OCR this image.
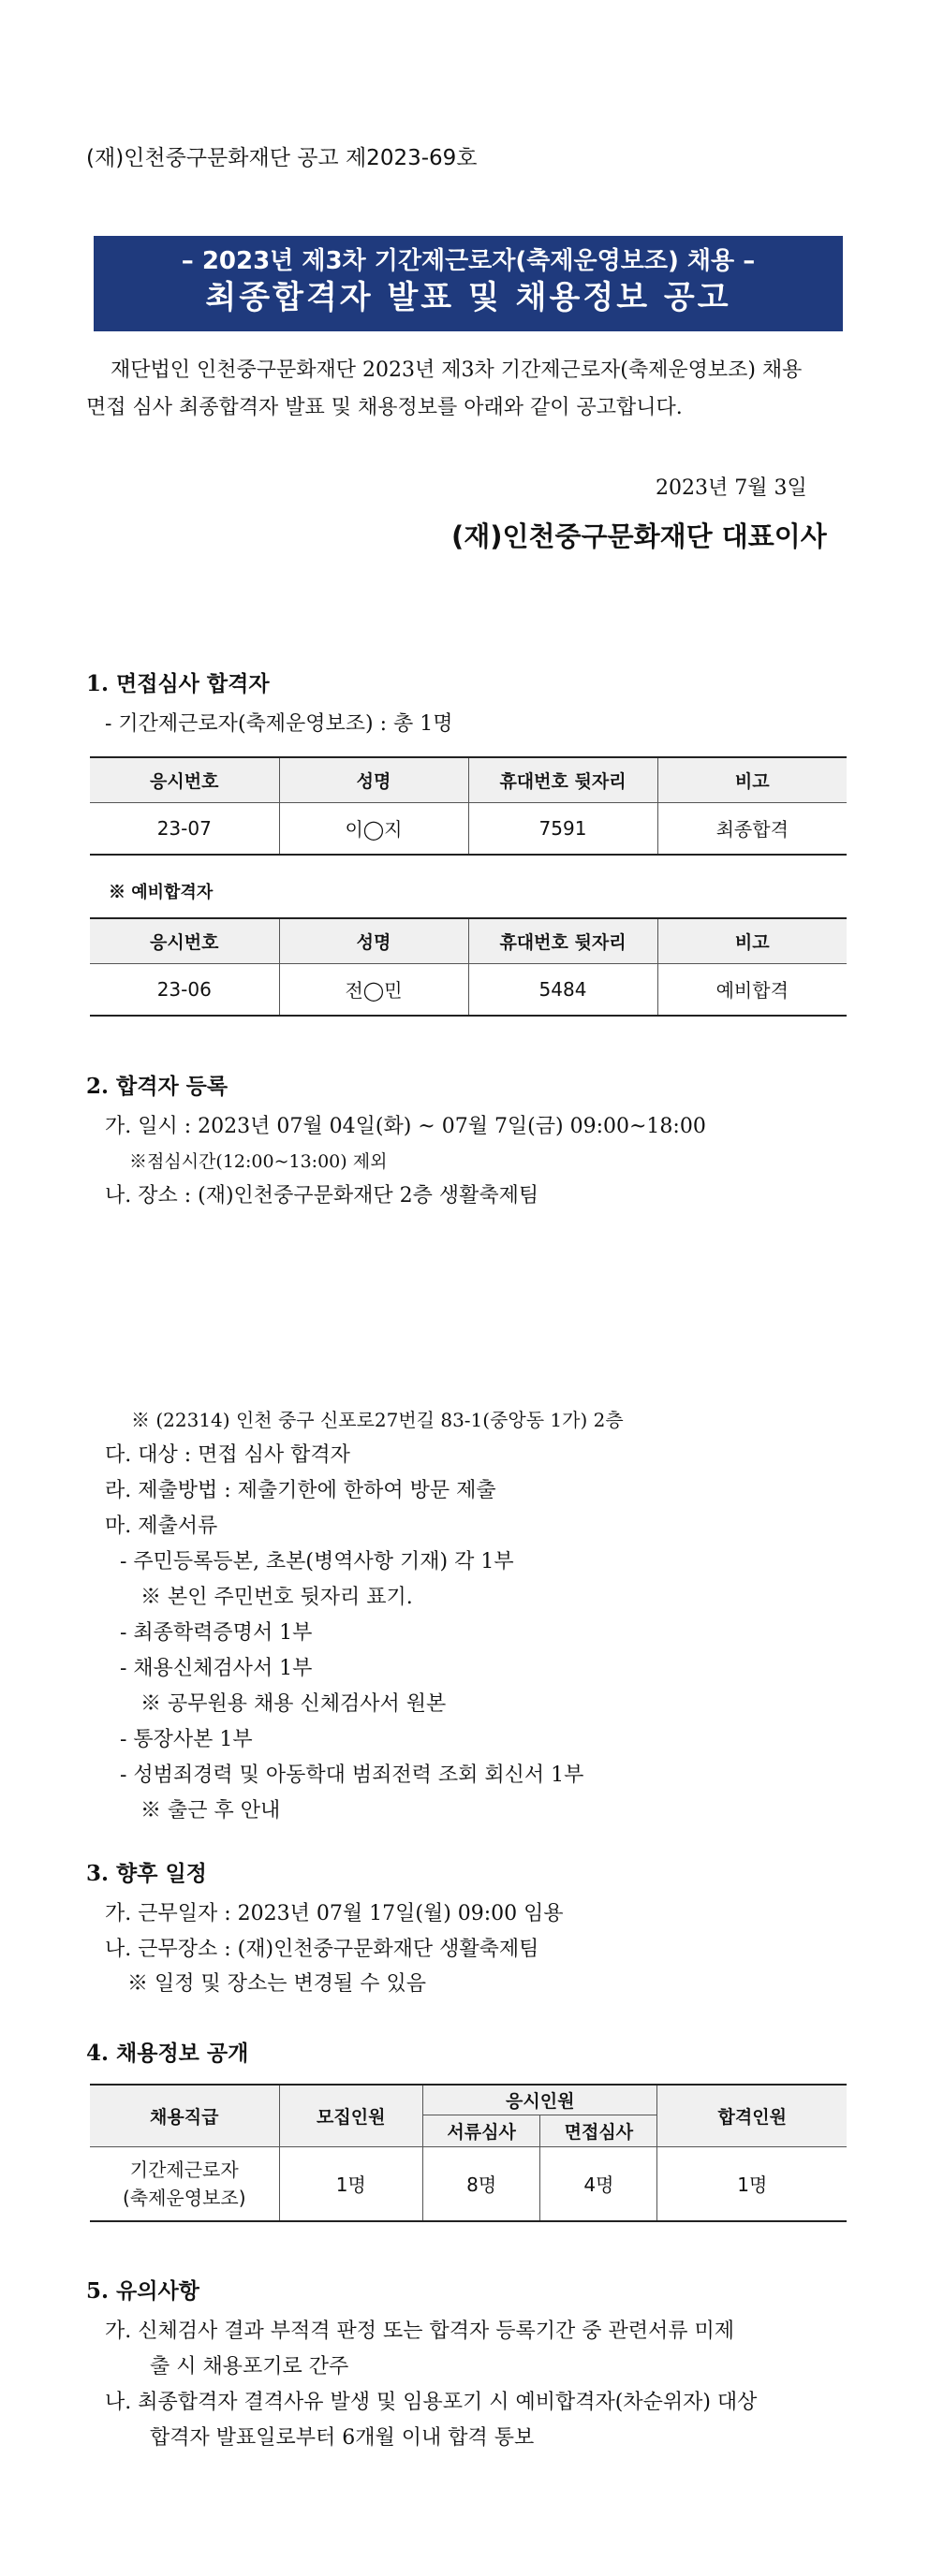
(재)인천중구문화재단 공고 제2023-69호
– 2023년 제3차 기간제근로자(축제운영보조) 채용 –
최종합격자 발표 및 채용정보 공고
재단법인 인천중구문화재단 2023년 제3차 기간제근로자(축제운영보조) 채용
면접 심사 최종합격자 발표 및 채용정보를 아래와 같이 공고합니다.
2023년 7월 3일
(재)인천중구문화재단 대표이사
1. 면접심사 합격자
- 기간제근로자(축제운영보조) : 총 1명
응시번호	성명	휴대번호 뒷자리	비고
23-07	이◯지	7591	최종합격
※ 예비합격자
응시번호	성명	휴대번호 뒷자리	비고
23-06	전◯민	5484	예비합격
2. 합격자 등록
가. 일시 : 2023년 07월 04일(화) ~ 07월 7일(금) 09:00~18:00
※점심시간(12:00~13:00) 제외
나. 장소 : (재)인천중구문화재단 2층 생활축제팀
※ (22314) 인천 중구 신포로27번길 83-1(중앙동 1가) 2층
다. 대상 : 면접 심사 합격자
라. 제출방법 : 제출기한에 한하여 방문 제출
마. 제출서류
- 주민등록등본, 초본(병역사항 기재) 각 1부
※ 본인 주민번호 뒷자리 표기.
- 최종학력증명서 1부
- 채용신체검사서 1부
※ 공무원용 채용 신체검사서 원본
- 통장사본 1부
- 성범죄경력 및 아동학대 범죄전력 조회 회신서 1부
※ 출근 후 안내
3. 향후 일정
가. 근무일자 : 2023년 07월 17일(월) 09:00 임용
나. 근무장소 : (재)인천중구문화재단 생활축제팀
※ 일정 및 장소는 변경될 수 있음
4. 채용정보 공개
채용직급	모집인원	응시인원		합격인원
		서류심사	면접심사	

기간제근로자
(축제운영보조)	1명	8명	4명	1명
5. 유의사항
가. 신체검사 결과 부적격 판정 또는 합격자 등록기간 중 관련서류 미제
출 시 채용포기로 간주
나. 최종합격자 결격사유 발생 및 임용포기 시 예비합격자(차순위자) 대상
합격자 발표일로부터 6개월 이내 합격 통보
